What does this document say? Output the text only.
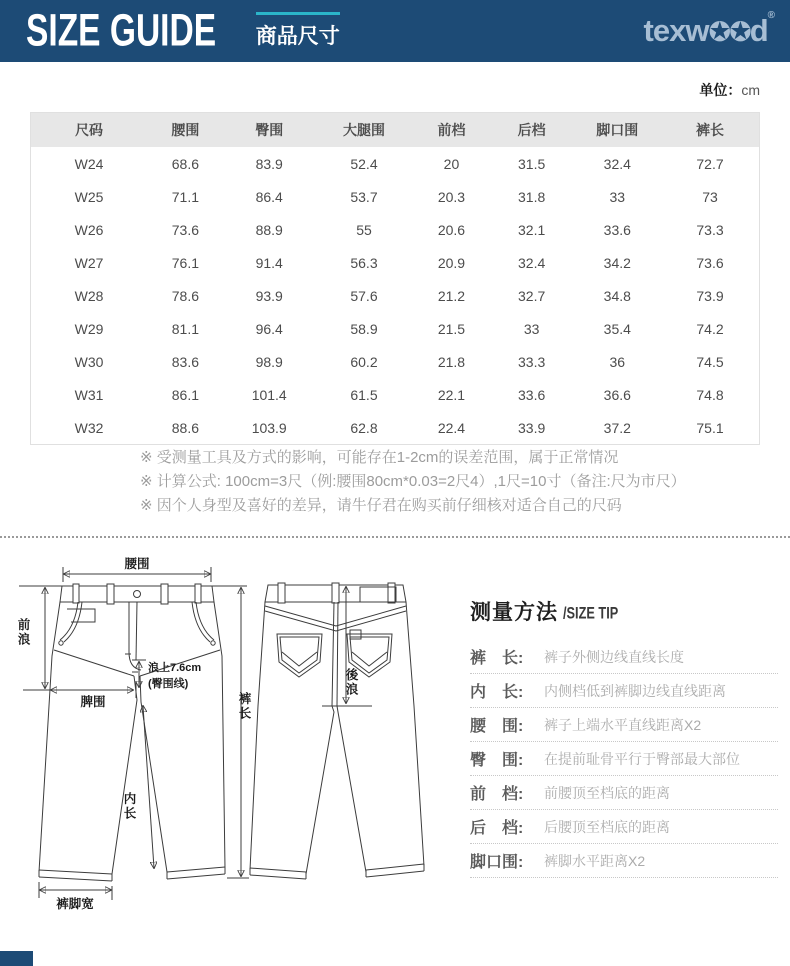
SIZE GUIDE 商品尺寸	texw✪✪d®
单位：cm
尺码	腰围	臀围	大腿围	前档	后档	脚口围	裤长
W24	68.6	83.9	52.4	20	31.5	32.4	72.7
W25	71.1	86.4	53.7	20.3	31.8	33	73
W26	73.6	88.9	55	20.6	32.1	33.6	73.3
W27	76.1	91.4	56.3	20.9	32.4	34.2	73.6
W28	78.6	93.9	57.6	21.2	32.7	34.8	73.9
W29	81.1	96.4	58.9	21.5	33	35.4	74.2
W30	83.6	98.9	60.2	21.8	33.3	36	74.5
W31	86.1	101.4	61.5	22.1	33.6	36.6	74.8
W32	88.6	103.9	62.8	22.4	33.9	37.2	75.1
※ 受测量工具及方式的影响，可能存在1-2cm的误差范围，属于正常情况
※ 计算公式: 100cm=3尺（例:腰围80cm*0.03=2尺4）,1尺=10寸（备注:尺为市尺）
※ 因个人身型及喜好的差异，请牛仔君在购买前仔细核对适合自己的尺码
腰围
前浪
浪上7.6cm
(臀围线)
脾围	裤长
内长
裤脚宽
後浪
测量方法 /SIZE TIP
裤　长:	裤子外侧边线直线长度
内　长:	内侧档低到裤脚边线直线距离
腰　围:	裤子上端水平直线距离X2
臀　围:	在提前耻骨平行于臀部最大部位
前　档:	前腰顶至档底的距离
后　档:	后腰顶至档底的距离
脚口围:	裤脚水平距离X2
